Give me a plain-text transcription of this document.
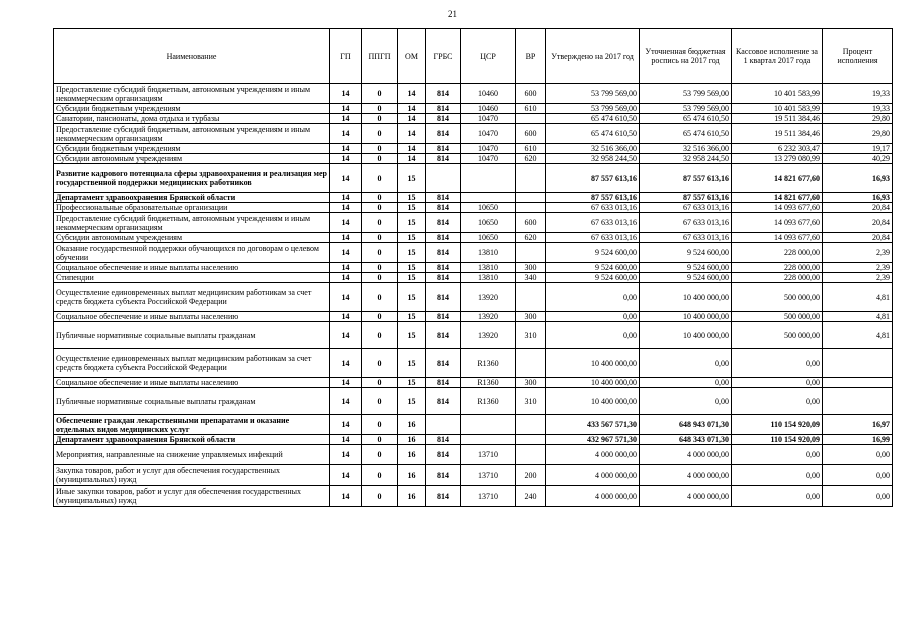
21
Наименование	ГП	ППГП	ОМ	ГРБС	ЦСР	ВР	Утверждено на 2017 год	Уточненная бюджетная роспись на 2017 год	Кассовое исполнение за 1 квартал 2017 года	Процент исполнения
Предоставление субсидий бюджетным, автономным учреждениям и иным некоммерческим организациям	14	0	14	814	10460	600	53 799 569,00	53 799 569,00	10 401 583,99	19,33
Субсидии бюджетным учреждениям	14	0	14	814	10460	610	53 799 569,00	53 799 569,00	10 401 583,99	19,33
Санатории, пансионаты, дома отдыха и турбазы	14	0	14	814	10470		65 474 610,50	65 474 610,50	19 511 384,46	29,80
Предоставление субсидий бюджетным, автономным учреждениям и иным некоммерческим организациям	14	0	14	814	10470	600	65 474 610,50	65 474 610,50	19 511 384,46	29,80
Субсидии бюджетным учреждениям	14	0	14	814	10470	610	32 516 366,00	32 516 366,00	6 232 303,47	19,17
Субсидии автономным учреждениям	14	0	14	814	10470	620	32 958 244,50	32 958 244,50	13 279 080,99	40,29
Развитие кадрового потенциала сферы здравоохранения и реализация мер государственной поддержки медицинских работников	14	0	15				87 557 613,16	87 557 613,16	14 821 677,60	16,93
Департамент здравоохранения Брянской области	14	0	15	814			87 557 613,16	87 557 613,16	14 821 677,60	16,93
Профессиональные образовательные организации	14	0	15	814	10650		67 633 013,16	67 633 013,16	14 093 677,60	20,84
Предоставление субсидий бюджетным, автономным учреждениям и иным некоммерческим организациям	14	0	15	814	10650	600	67 633 013,16	67 633 013,16	14 093 677,60	20,84
Субсидии автономным учреждениям	14	0	15	814	10650	620	67 633 013,16	67 633 013,16	14 093 677,60	20,84
Оказание государственной поддержки обучающихся по договорам о целевом обучении	14	0	15	814	13810		9 524 600,00	9 524 600,00	228 000,00	2,39
Социальное обеспечение и иные выплаты населению	14	0	15	814	13810	300	9 524 600,00	9 524 600,00	228 000,00	2,39
Стипендии	14	0	15	814	13810	340	9 524 600,00	9 524 600,00	228 000,00	2,39
Осуществление единовременных выплат медицинским работникам за счет средств бюджета субъекта Российской Федерации	14	0	15	814	13920		0,00	10 400 000,00	500 000,00	4,81
Социальное обеспечение и иные выплаты населению	14	0	15	814	13920	300	0,00	10 400 000,00	500 000,00	4,81
Публичные нормативные социальные выплаты гражданам	14	0	15	814	13920	310	0,00	10 400 000,00	500 000,00	4,81
Осуществление единовременных выплат медицинским работникам за счет средств бюджета субъекта Российской Федерации	14	0	15	814	R1360		10 400 000,00	0,00	0,00	
Социальное обеспечение и иные выплаты населению	14	0	15	814	R1360	300	10 400 000,00	0,00	0,00	
Публичные нормативные социальные выплаты гражданам	14	0	15	814	R1360	310	10 400 000,00	0,00	0,00	
Обеспечение граждан лекарственными препаратами и оказание отдельных видов медицинских услуг	14	0	16				433 567 571,30	648 943 071,30	110 154 920,09	16,97
Департамент здравоохранения Брянской области	14	0	16	814			432 967 571,30	648 343 071,30	110 154 920,09	16,99
Мероприятия, направленные на снижение управляемых инфекций	14	0	16	814	13710		4 000 000,00	4 000 000,00	0,00	0,00
Закупка товаров, работ и услуг для обеспечения государственных (муниципальных) нужд	14	0	16	814	13710	200	4 000 000,00	4 000 000,00	0,00	0,00
Иные закупки товаров, работ и услуг для обеспечения государственных (муниципальных) нужд	14	0	16	814	13710	240	4 000 000,00	4 000 000,00	0,00	0,00
